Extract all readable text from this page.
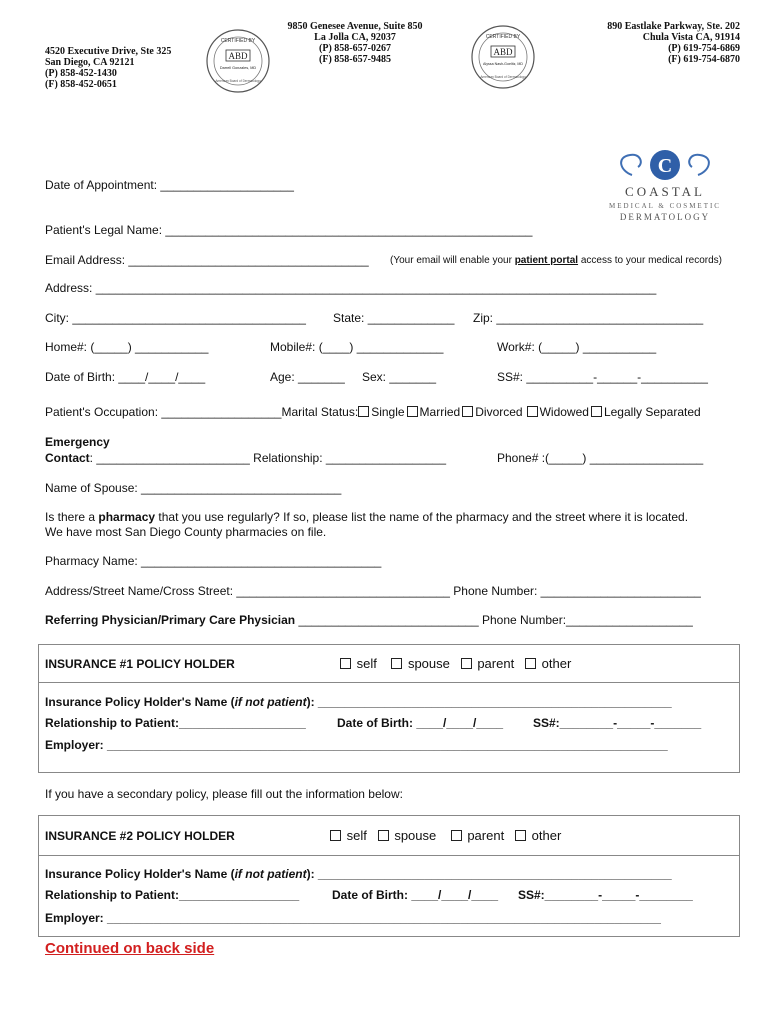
4520 Executive Drive, Ste 325
San Diego, CA 92121
(P) 858-452-1430
(F) 858-452-0651
CERTIFIED BY
ABD
Darrell Gonzales, MD
American Board of Dermatology
9850 Genesee Avenue, Suite 850
La Jolla CA, 92037
(P) 858-657-0267
(F) 858-657-9485
CERTIFIED BY
ABD
Alyssa Nash-Goelitz, MD
American Board of Dermatology
890 Eastlake Parkway, Ste. 202
Chula Vista CA, 91914
(P) 619-754-6869
(F) 619-754-6870
C
COASTAL
MEDICAL & COSMETIC
DERMATOLOGY
Date of Appointment: ____________________
Patient's Legal Name: _______________________________________________________
Email Address: ____________________________________ (Your email will enable your patient portal access to your medical records)
Address: ____________________________________________________________________________________
City: ___________________________________ State: _____________ Zip: _______________________________
Home#: (_____) ___________	Mobile#: (____) _____________	Work#: (_____) ___________
Date of Birth: ____/____/____	Age: _______ Sex: _______	SS#: __________-______-__________
Patient's Occupation: __________________Marital Status: Single Married Divorced Widowed Legally Separated
Emergency
Contact: _______________________ Relationship: __________________	Phone# :(_____) _________________
Name of Spouse: ______________________________
Is there a pharmacy that you use regularly? If so, please list the name of the pharmacy and the street where it is located.
We have most San Diego County pharmacies on file.
Pharmacy Name: ____________________________________
Address/Street Name/Cross Street: ________________________________ Phone Number: ________________________
Referring Physician/Primary Care Physician ___________________________ Phone Number:___________________
INSURANCE #1 POLICY HOLDER	self spouse parent other
Insurance Policy Holder's Name (if not patient): _____________________________________________________
Relationship to Patient:___________________	Date of Birth: ____/____/____ SS#:________-_____-_______
Employer: ____________________________________________________________________________________
If you have a secondary policy, please fill out the information below:
INSURANCE #2 POLICY HOLDER	self spouse parent other
Insurance Policy Holder's Name (if not patient): _____________________________________________________
Relationship to Patient:__________________	Date of Birth: ____/____/____ SS#:________-_____-________
Employer: ___________________________________________________________________________________
Continued on back side
